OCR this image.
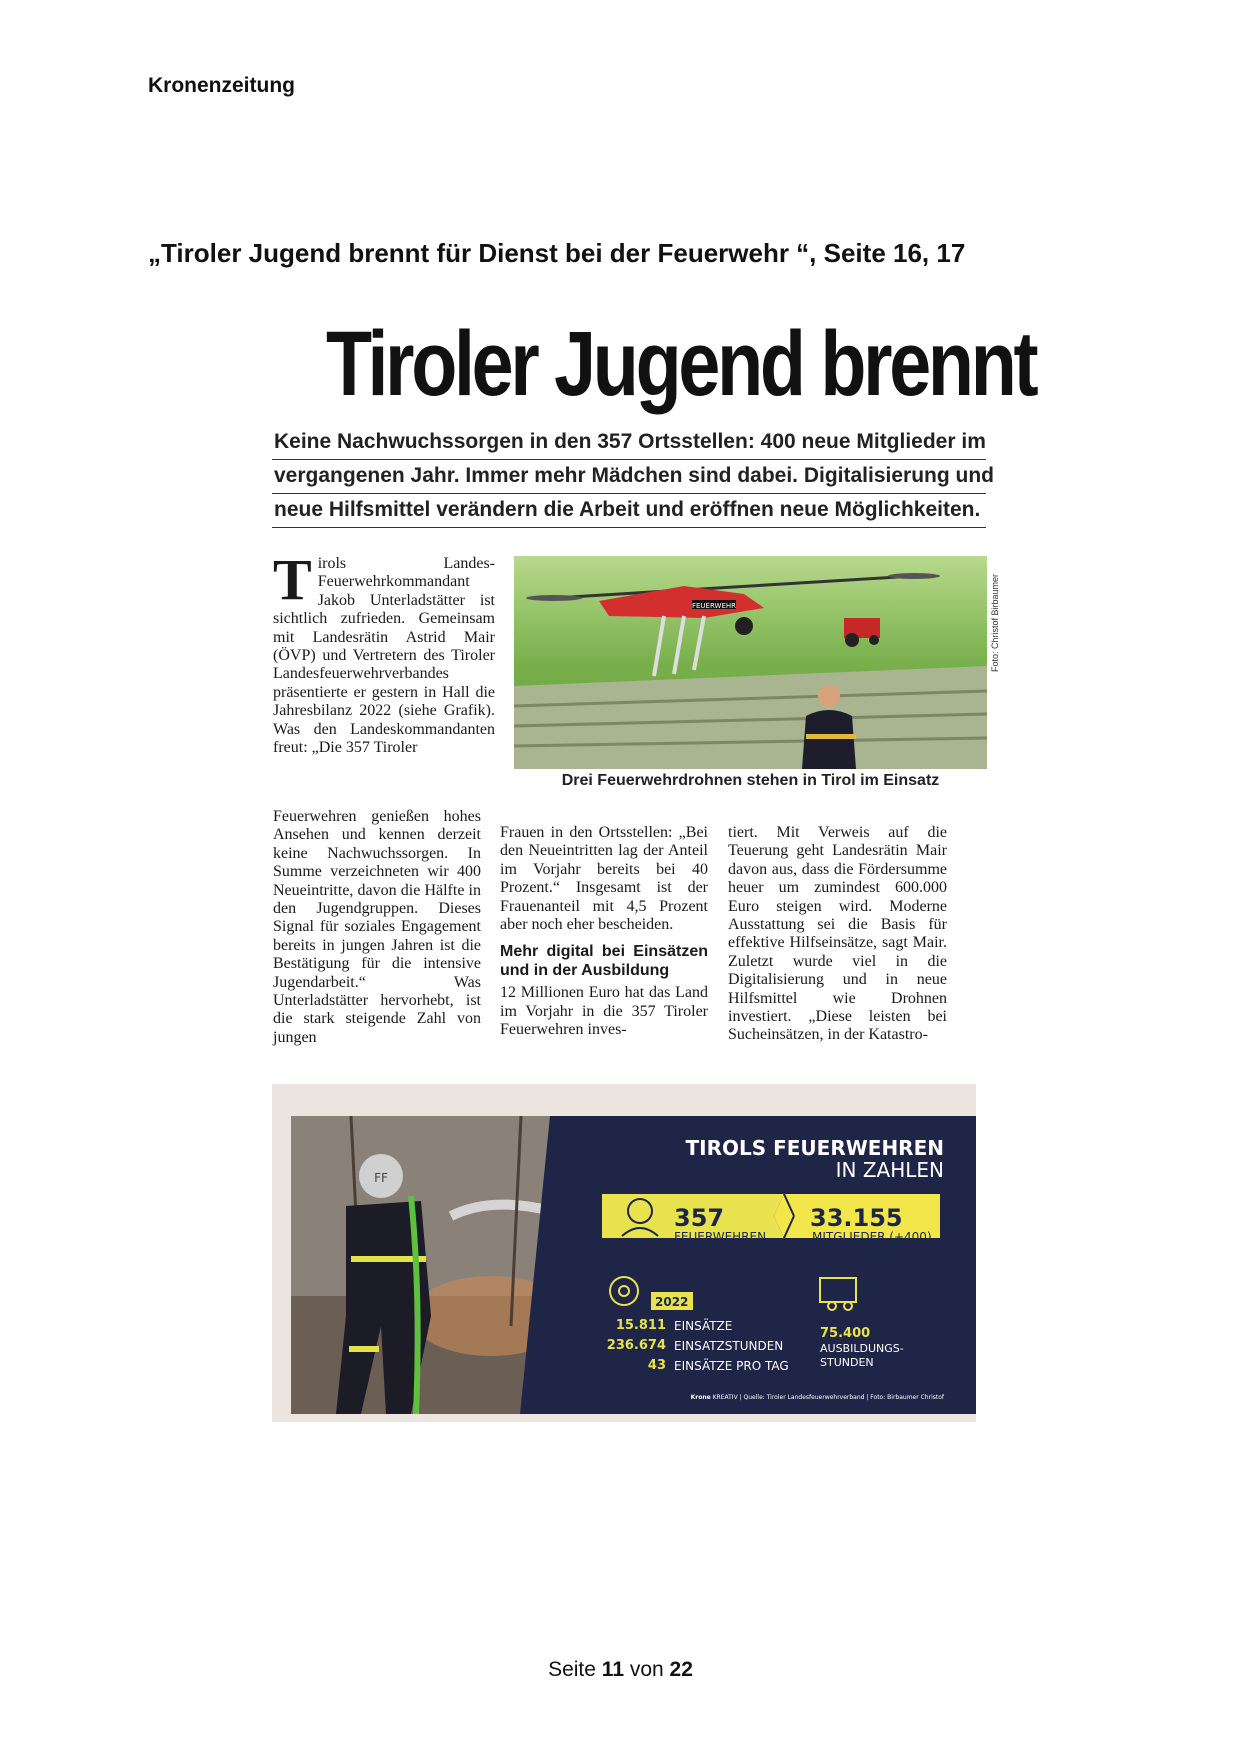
Kronenzeitung
„Tiroler Jugend brennt für Dienst bei der Feuerwehr “, Seite 16, 17
Tiroler Jugend brennt
Keine Nachwuchssorgen in den 357 Ortsstellen: 400 neue Mitglieder im
vergangenen Jahr. Immer mehr Mädchen sind dabei. Digitalisierung und
neue Hilfsmittel verändern die Arbeit und eröffnen neue Möglichkeiten.
T irols Landes-Feuerwehrkommandant Jakob Unterladstätter ist sichtlich zufrieden. Gemeinsam mit Landesrätin Astrid Mair (ÖVP) und Vertretern des Tiroler Landesfeuerwehrverbandes präsentierte er gestern in Hall die Jahresbilanz 2022 (siehe Grafik). Was den Landeskommandanten freut: „Die 357 Tiroler

Feuerwehren genießen hohes Ansehen und kennen derzeit keine Nachwuchssorgen. In Summe verzeichneten wir 400 Neueintritte, davon die Hälfte in den Jugendgruppen. Dieses Signal für soziales Engagement bereits in jungen Jahren ist die Bestätigung für die intensive Jugendarbeit.“ Was Unterladstätter hervorhebt, ist die stark steigende Zahl von jungen

Frauen in den Ortsstellen: „Bei den Neueintritten lag der Anteil im Vorjahr bereits bei 40 Prozent.“ Insgesamt ist der Frauenanteil mit 4,5 Prozent aber noch eher bescheiden.

Mehr digital bei Einsätzen und in der Ausbildung

12 Millionen Euro hat das Land im Vorjahr in die 357 Tiroler Feuerwehren inves-

tiert. Mit Verweis auf die Teuerung geht Landesrätin Mair davon aus, dass die Fördersumme heuer um zumindest 600.000 Euro steigen wird. Moderne Ausstattung sei die Basis für effektive Hilfseinsätze, sagt Mair. Zuletzt wurde viel in die Digitalisierung und in neue Hilfsmittel wie Drohnen investiert. „Diese leisten bei Sucheinsätzen, in der Katastro-

FEUERWEHR	Foto: Christof Birbaumer
Drei Feuerwehrdrohnen stehen in Tirol im Einsatz
FF
TIROLS FEUERWEHREN
IN ZAHLEN
357
FEUERWEHREN
33.155
MITGLIEDER (+400)
2022
15.811 EINSÄTZE
236.674 EINSATZSTUNDEN
43 EINSÄTZE PRO TAG
75.400
AUSBILDUNGS-
STUNDEN
Krone KREATIV | Quelle: Tiroler Landesfeuerwehrverband | Foto: Birbaumer Christof
Seite 11 von 22
